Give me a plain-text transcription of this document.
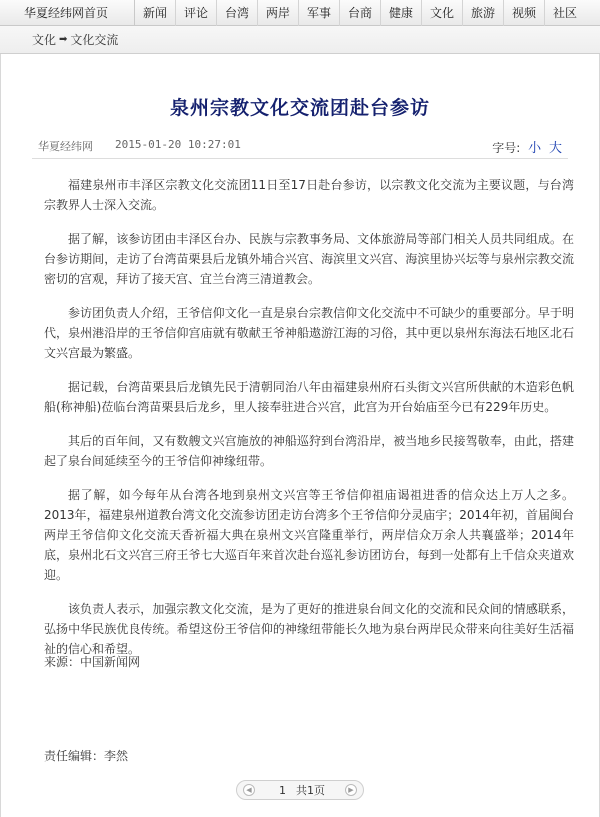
华夏经纬网首页	新闻	评论	台湾	两岸	军事	台商	健康	文化	旅游	视频	社区
文化 ➡ 文化交流
泉州宗教文化交流团赴台参访
华夏经纬网 2015-01-20 10:27:01	字号: 小 大

福建泉州市丰泽区宗教文化交流团11日至17日赴台参访，以宗教文化交流为主要议题，与台湾宗教界人士深入交流。

据了解，该参访团由丰泽区台办、民族与宗教事务局、文体旅游局等部门相关人员共同组成。在台参访期间，走访了台湾苗栗县后龙镇外埔合兴宫、海滨里文兴宫、海滨里协兴坛等与泉州宗教交流密切的宫观，拜访了接天宫、宜兰台湾三清道教会。

参访团负责人介绍，王爷信仰文化一直是泉台宗教信仰文化交流中不可缺少的重要部分。早于明代，泉州港沿岸的王爷信仰宫庙就有敬献王爷神船遨游江海的习俗，其中更以泉州东海法石地区北石文兴宫最为繁盛。

据记载，台湾苗栗县后龙镇先民于清朝同治八年由福建泉州府石头街文兴宫所供献的木造彩色帆船(称神船)莅临台湾苗栗县后龙乡，里人接奉驻进合兴宫，此宫为开台始庙至今已有229年历史。

其后的百年间，又有数艘文兴宫施放的神船巡狩到台湾沿岸，被当地乡民接驾敬奉，由此，搭建起了泉台间延续至今的王爷信仰神缘纽带。

据了解，如今每年从台湾各地到泉州文兴宫等王爷信仰祖庙谒祖进香的信众达上万人之多。2013年，福建泉州道教台湾文化交流参访团走访台湾多个王爷信仰分灵庙宇；2014年初，首届闽台两岸王爷信仰文化交流天香祈福大典在泉州文兴宫隆重举行，两岸信众万余人共襄盛举；2014年底，泉州北石文兴宫三府王爷七大巡百年来首次赴台巡礼参访团访台，每到一处都有上千信众夹道欢迎。

该负责人表示，加强宗教文化交流，是为了更好的推进泉台间文化的交流和民众间的情感联系，弘扬中华民族优良传统。希望这份王爷信仰的神缘纽带能长久地为泉台两岸民众带来向往美好生活福祉的信心和希望。

来源：中国新闻网
责任编辑：李然
◀	1 共1页	▶
